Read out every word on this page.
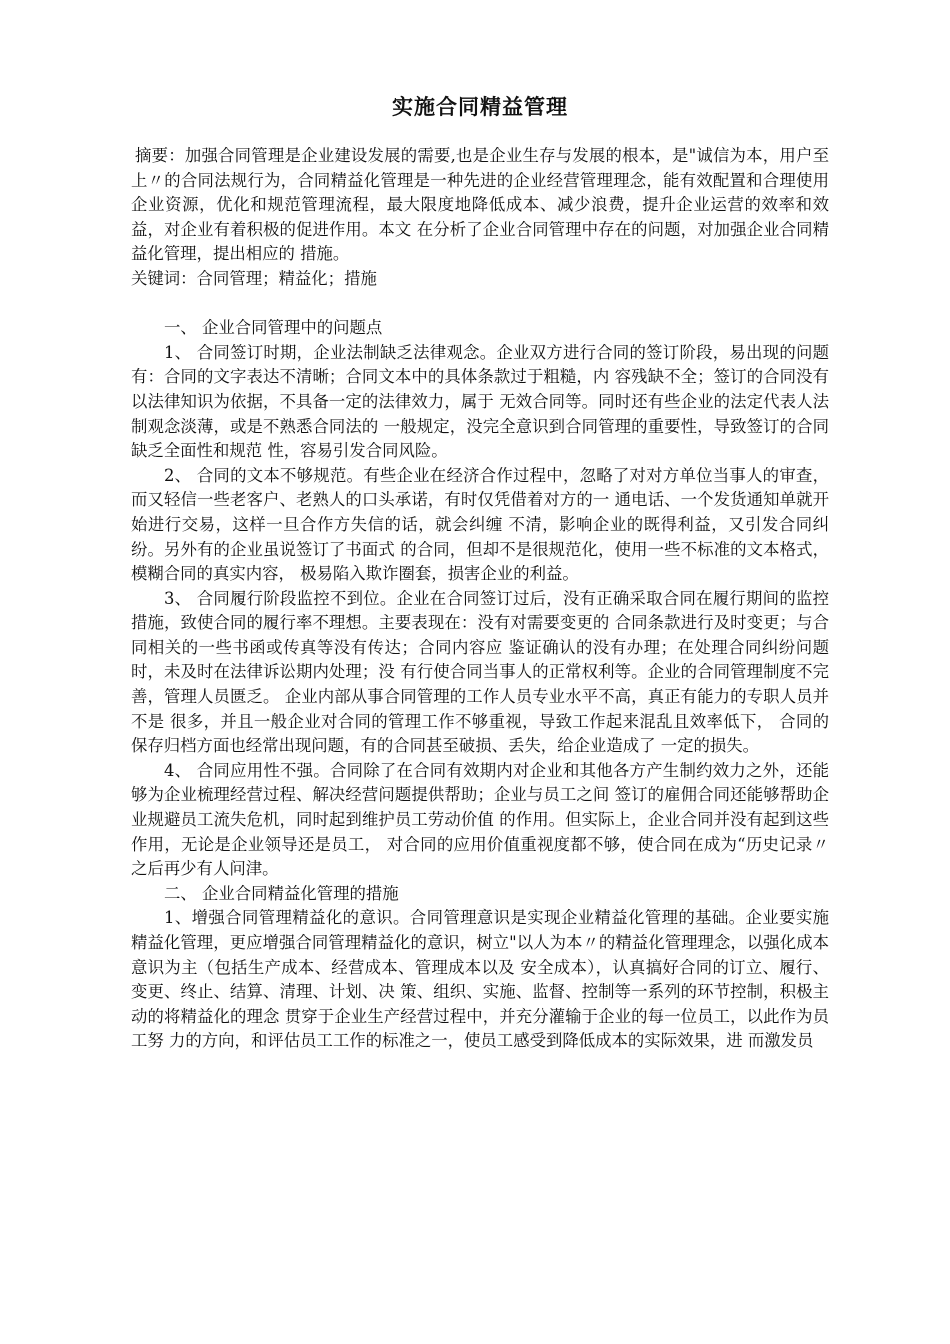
实施合同精益管理

摘要：加强合同管理是企业建设发展的需要,也是企业生存与发展的根本，是"诚信为本，用户至上〃的合同法规行为，合同精益化管理是一种先进的企业经营管理理念，能有效配置和合理使用企业资源，优化和规范管理流程，最大限度地降低成本、减少浪费，提升企业运营的效率和效益，对企业有着积极的促进作用。本文 在分析了企业合同管理中存在的问题，对加强企业合同精益化管理，提出相应的 措施。

关键词：合同管理；精益化；措施

一、 企业合同管理中的问题点

1、 合同签订时期，企业法制缺乏法律观念。企业双方进行合同的签订阶段，易出现的问题有：合同的文字表达不清晰；合同文本中的具体条款过于粗糙，内 容残缺不全；签订的合同没有以法律知识为依据，不具备一定的法律效力，属于 无效合同等。同时还有些企业的法定代表人法制观念淡薄，或是不熟悉合同法的 一般规定，没完全意识到合同管理的重要性，导致签订的合同缺乏全面性和规范 性，容易引发合同风险。

2、 合同的文本不够规范。有些企业在经济合作过程中，忽略了对对方单位当事人的审查，而又轻信一些老客户、老熟人的口头承诺，有时仅凭借着对方的一 通电话、一个发货通知单就开始进行交易，这样一旦合作方失信的话，就会纠缠 不清，影响企业的既得利益，又引发合同纠纷。另外有的企业虽说签订了书面式 的合同，但却不是很规范化，使用一些不标准的文本格式，模糊合同的真实内容， 极易陷入欺诈圈套，损害企业的利益。

3、 合同履行阶段监控不到位。企业在合同签订过后，没有正确采取合同在履行期间的监控措施，致使合同的履行率不理想。主要表现在：没有对需要变更的 合同条款进行及时变更；与合同相关的一些书函或传真等没有传达；合同内容应 鉴证确认的没有办理；在处理合同纠纷问题时，未及时在法律诉讼期内处理；没 有行使合同当事人的正常权利等。企业的合同管理制度不完善，管理人员匮乏。 企业内部从事合同管理的工作人员专业水平不高，真正有能力的专职人员并不是 很多，并且一般企业对合同的管理工作不够重视，导致工作起来混乱且效率低下， 合同的保存归档方面也经常出现问题，有的合同甚至破损、丢失，给企业造成了 一定的损失。

4、 合同应用性不强。合同除了在合同有效期内对企业和其他各方产生制约效力之外，还能够为企业梳理经营过程、解决经营问题提供帮助；企业与员工之间 签订的雇佣合同还能够帮助企业规避员工流失危机，同时起到维护员工劳动价值 的作用。但实际上，企业合同并没有起到这些作用，无论是企业领导还是员工， 对合同的应用价值重视度都不够，使合同在成为“历史记录〃之后再少有人问津。

二、 企业合同精益化管理的措施

1、增强合同管理精益化的意识。合同管理意识是实现企业精益化管理的基础。企业要实施精益化管理，更应增强合同管理精益化的意识，树立"以人为本〃的精益化管理理念，以强化成本意识为主（包括生产成本、经营成本、管理成本以及 安全成本），认真搞好合同的订立、履行、变更、终止、结算、清理、计划、决 策、组织、实施、监督、控制等一系列的环节控制，积极主动的将精益化的理念 贯穿于企业生产经营过程中，并充分灌输于企业的每一位员工，以此作为员工努 力的方向，和评估员工工作的标准之一，使员工感受到降低成本的实际效果，进 而激发员
